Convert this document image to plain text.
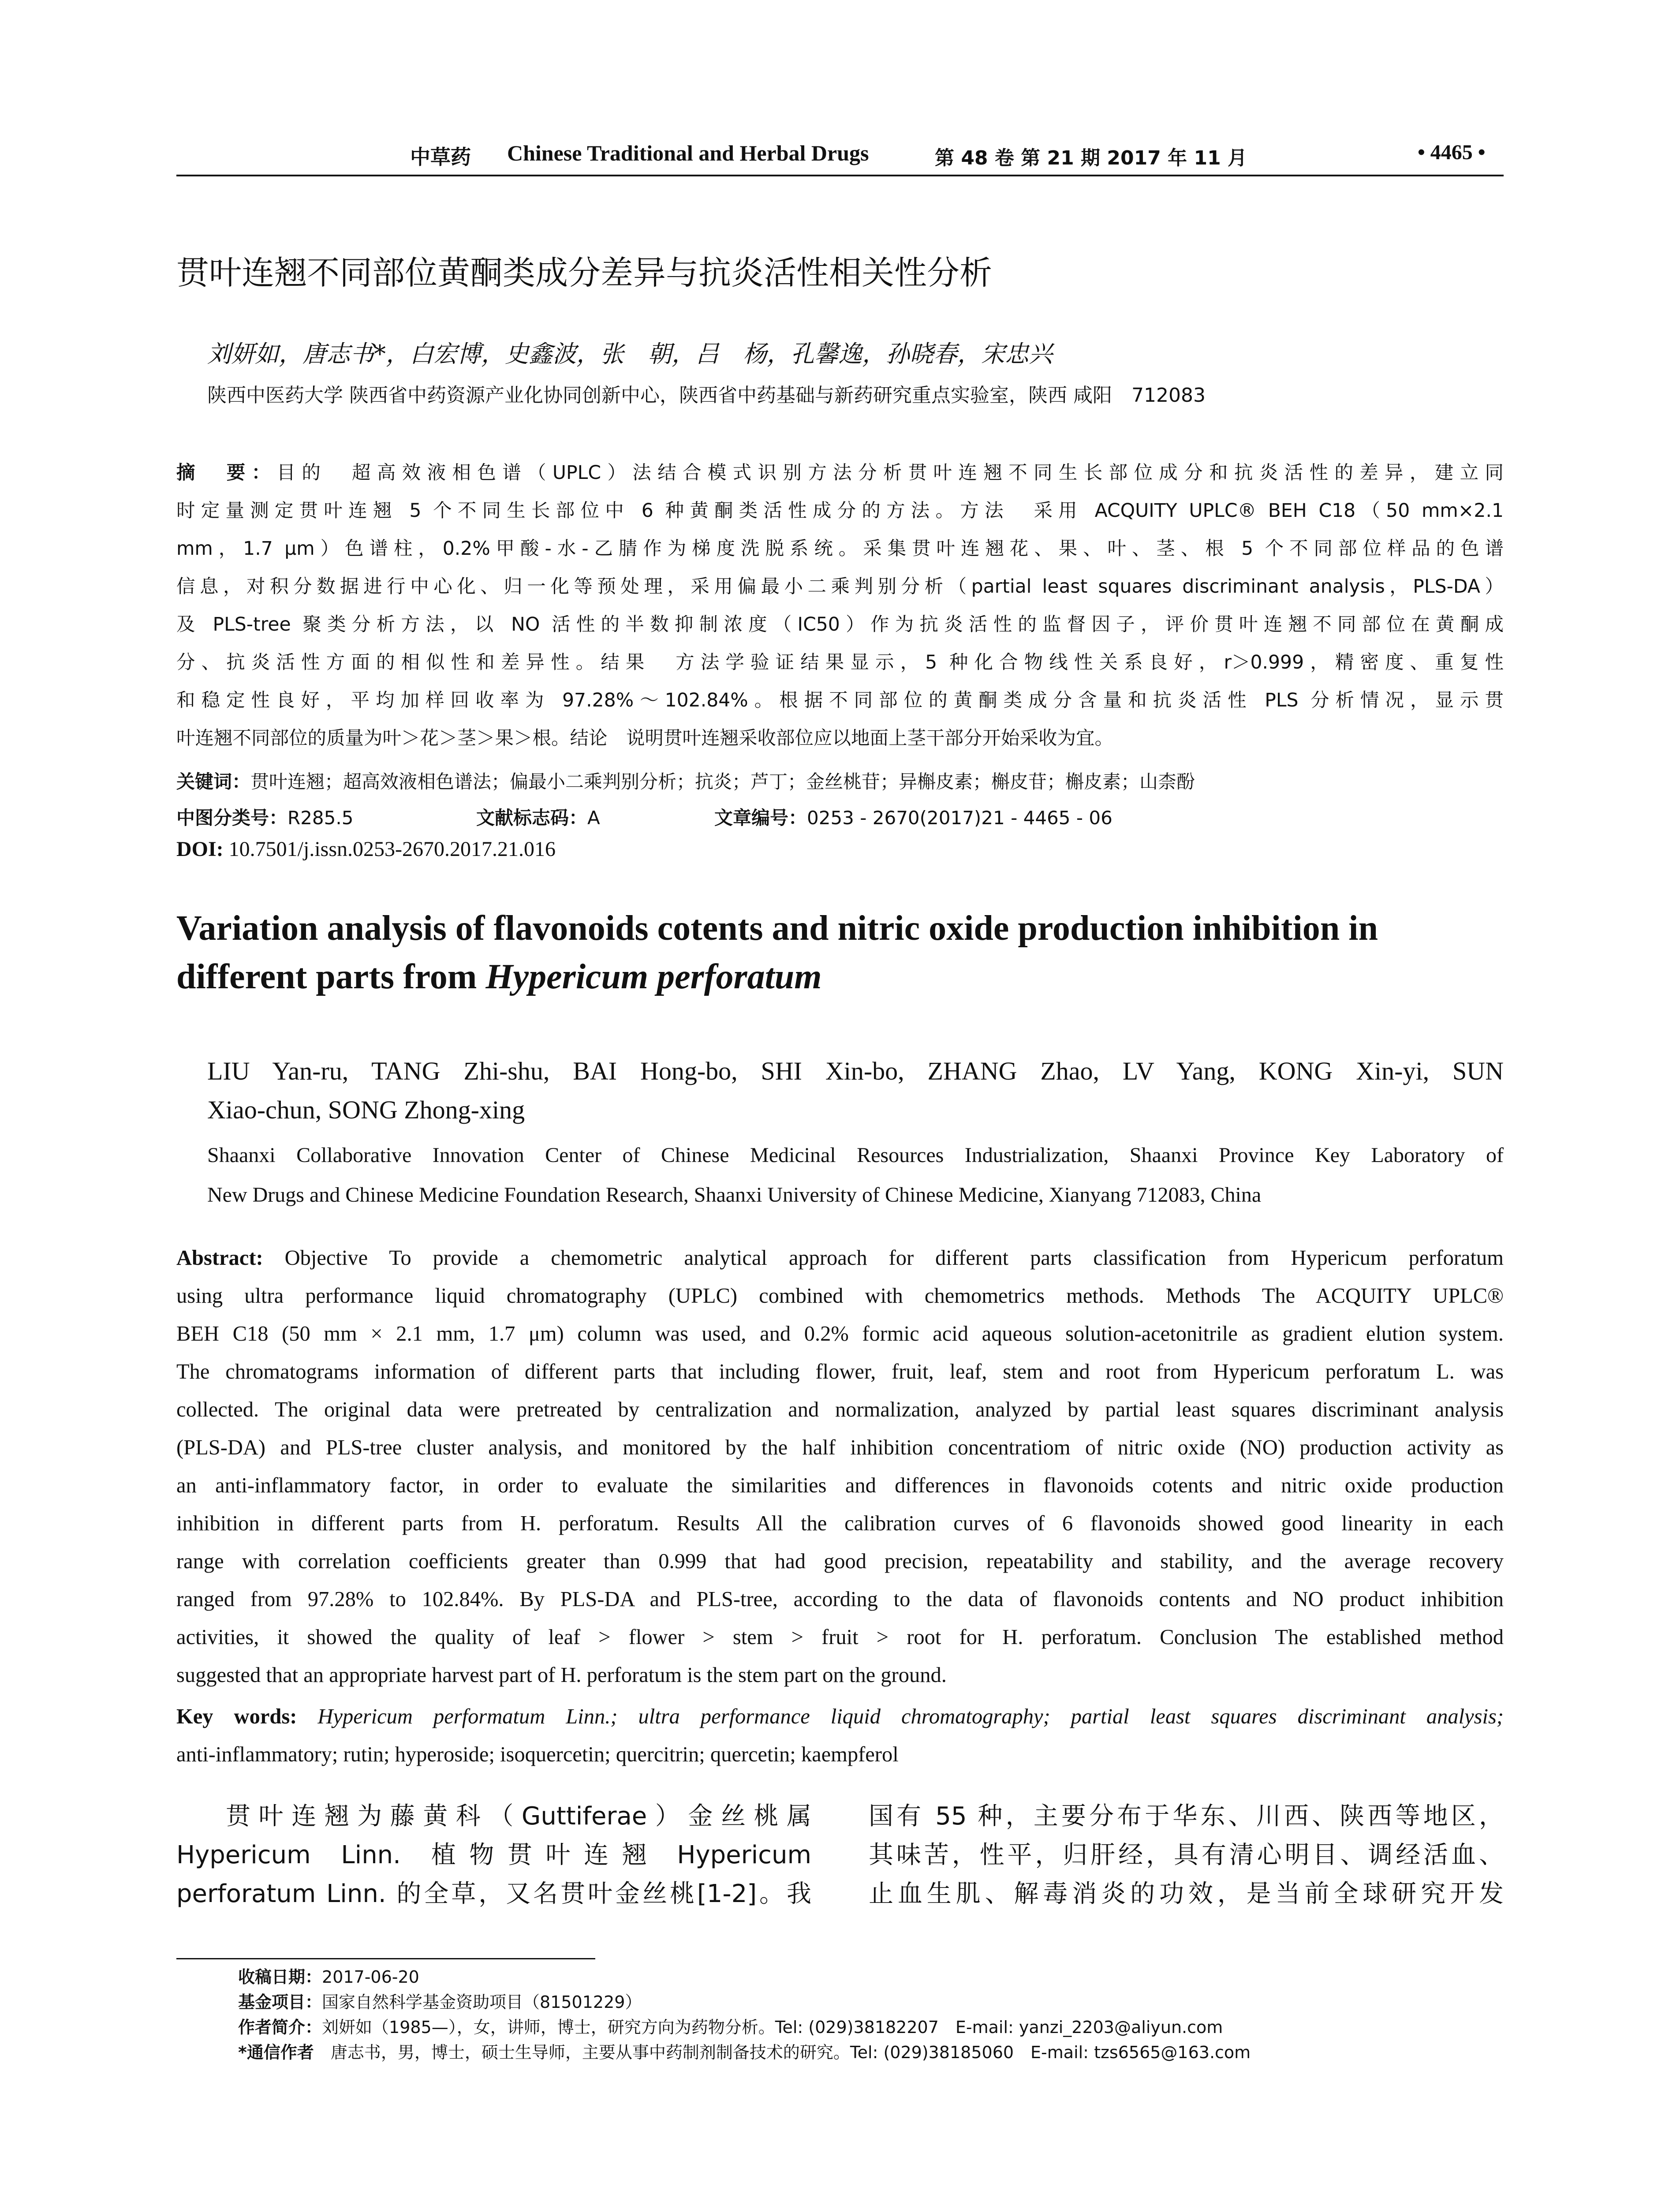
中草药 Chinese Traditional and Herbal Drugs	第 48 卷 第 21 期 2017 年 11 月	• 4465 •
贯叶连翘不同部位黄酮类成分差异与抗炎活性相关性分析
刘妍如，唐志书*，白宏博，史鑫波，张　朝，吕　杨，孔馨逸，孙晓春，宋忠兴
陕西中医药大学 陕西省中药资源产业化协同创新中心，陕西省中药基础与新药研究重点实验室，陕西 咸阳　712083
摘　要：目的　超高效液相色谱（UPLC）法结合模式识别方法分析贯叶连翘不同生长部位成分和抗炎活性的差异，建立同
时定量测定贯叶连翘 5 个不同生长部位中 6 种黄酮类活性成分的方法。方法　采用 ACQUITY UPLC® BEH C18（50 mm×2.1
mm，1.7 μm）色谱柱，0.2%甲酸-水-乙腈作为梯度洗脱系统。采集贯叶连翘花、果、叶、茎、根 5 个不同部位样品的色谱
信息，对积分数据进行中心化、归一化等预处理，采用偏最小二乘判别分析（partial least squares discriminant analysis，PLS-DA）
及 PLS-tree 聚类分析方法，以 NO 活性的半数抑制浓度（IC50）作为抗炎活性的监督因子，评价贯叶连翘不同部位在黄酮成
分、抗炎活性方面的相似性和差异性。结果　方法学验证结果显示，5 种化合物线性关系良好，r＞0.999，精密度、重复性
和稳定性良好，平均加样回收率为 97.28%～102.84%。根据不同部位的黄酮类成分含量和抗炎活性 PLS 分析情况，显示贯
叶连翘不同部位的质量为叶＞花＞茎＞果＞根。结论　说明贯叶连翘采收部位应以地面上茎干部分开始采收为宜。
关键词：贯叶连翘；超高效液相色谱法；偏最小二乘判别分析；抗炎；芦丁；金丝桃苷；异槲皮素；槲皮苷；槲皮素；山柰酚
中图分类号：R285.5	文献标志码：A	文章编号：0253 - 2670(2017)21 - 4465 - 06
DOI: 10.7501/j.issn.0253-2670.2017.21.016
Variation analysis of flavonoids cotents and nitric oxide production inhibition in
different parts from Hypericum perforatum
LIU Yan-ru, TANG Zhi-shu, BAI Hong-bo, SHI Xin-bo, ZHANG Zhao, LV Yang, KONG Xin-yi, SUN
Xiao-chun, SONG Zhong-xing
Shaanxi Collaborative Innovation Center of Chinese Medicinal Resources Industrialization, Shaanxi Province Key Laboratory of
New Drugs and Chinese Medicine Foundation Research, Shaanxi University of Chinese Medicine, Xianyang 712083, China
Abstract: Objective To provide a chemometric analytical approach for different parts classification from Hypericum perforatum
using ultra performance liquid chromatography (UPLC) combined with chemometrics methods. Methods The ACQUITY UPLC®
BEH C18 (50 mm × 2.1 mm, 1.7 μm) column was used, and 0.2% formic acid aqueous solution-acetonitrile as gradient elution system.
The chromatograms information of different parts that including flower, fruit, leaf, stem and root from Hypericum perforatum L. was
collected. The original data were pretreated by centralization and normalization, analyzed by partial least squares discriminant analysis
(PLS-DA) and PLS-tree cluster analysis, and monitored by the half inhibition concentratiom of nitric oxide (NO) production activity as
an anti-inflammatory factor, in order to evaluate the similarities and differences in flavonoids cotents and nitric oxide production
inhibition in different parts from H. perforatum. Results All the calibration curves of 6 flavonoids showed good linearity in each
range with correlation coefficients greater than 0.999 that had good precision, repeatability and stability, and the average recovery
ranged from 97.28% to 102.84%. By PLS-DA and PLS-tree, according to the data of flavonoids contents and NO product inhibition
activities, it showed the quality of leaf > flower > stem > fruit > root for H. perforatum. Conclusion The established method
suggested that an appropriate harvest part of H. perforatum is the stem part on the ground.
Key words: Hypericum performatum Linn.; ultra performance liquid chromatography; partial least squares discriminant analysis;
anti-inflammatory; rutin; hyperoside; isoquercetin; quercitrin; quercetin; kaempferol
贯叶连翘为藤黄科（Guttiferae）金丝桃属
Hypericum　Linn.　植 物 贯 叶 连 翘　Hypericum
perforatum Linn. 的全草，又名贯叶金丝桃[1-2]。我
国有 55 种，主要分布于华东、川西、陕西等地区，
其味苦，性平，归肝经，具有清心明目、调经活血、
止血生肌、解毒消炎的功效，是当前全球研究开发
收稿日期：2017-06-20
基金项目：国家自然科学基金资助项目（81501229）
作者简介：刘妍如（1985—），女，讲师，博士，研究方向为药物分析。Tel: (029)38182207　E-mail: yanzi_2203@aliyun.com
*通信作者　唐志书，男，博士，硕士生导师，主要从事中药制剂制备技术的研究。Tel: (029)38185060　E-mail: tzs6565@163.com
